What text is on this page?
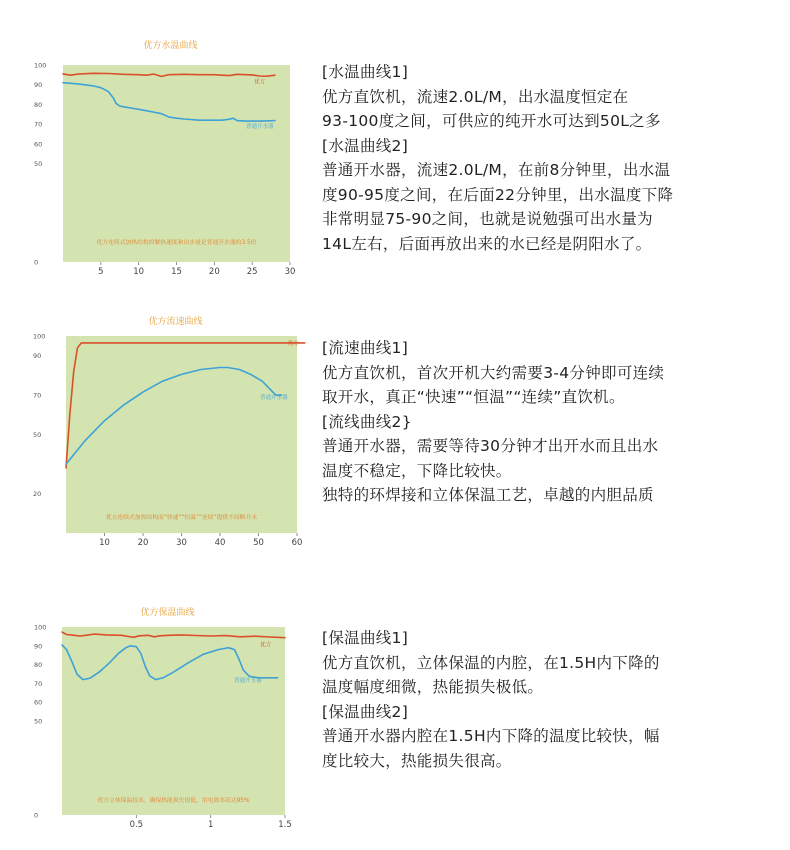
优方水温曲线
0
50
60
70
80
90
100
5	10	15	20	25	30
优方
普通开水器
优方连续式加热结构的解热速度和出水量是普通开水器的3.5倍
[水温曲线1]
优方直饮机，流速2.0L/M，出水温度恒定在
93-100度之间，可供应的纯开水可达到50L之多
[水温曲线2]
普通开水器，流速2.0L/M，在前8分钟里，出水温
度90-95度之间，在后面22分钟里，出水温度下降
非常明显75-90之间，也就是说勉强可出水量为
14L左右，后面再放出来的水已经是阴阳水了。
优方流速曲线
20
50
70
90
100
10	20	30	40	50	60
优方
普通开水器
优方连续式加热结构而“快速”“恒温”“连续”提供不间断开水
[流速曲线1]
优方直饮机，首次开机大约需要3-4分钟即可连续
取开水，真正“快速”“恒温”“连续”直饮机。
[流线曲线2}
普通开水器，需要等待30分钟才出开水而且出水
温度不稳定，下降比较快。
独特的环焊接和立体保温工艺，卓越的内胆品质
优方保温曲线
0
50
60
70
80
90
100
0.5	1	1.5
优方
普通开水器
优方立体保温技术，确保热能损失很低，用电效率高达95%
[保温曲线1]
优方直饮机，立体保温的内腔，在1.5H内下降的
温度幅度细微，热能损失极低。
[保温曲线2]
普通开水器内腔在1.5H内下降的温度比较快，幅
度比较大，热能损失很高。
